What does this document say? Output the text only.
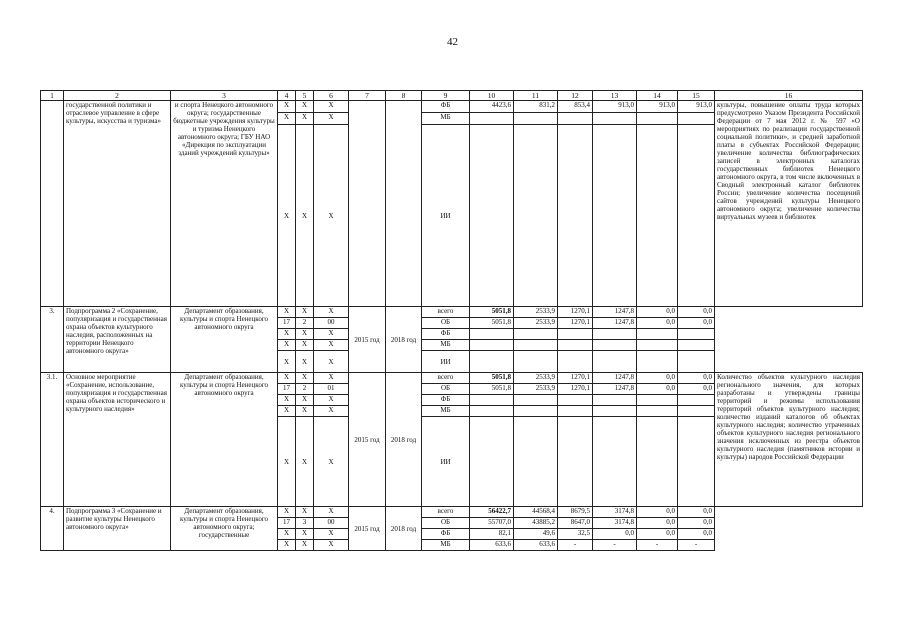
42
1	2	3	4	5	6	7	8	9	10	11	12	13	14	15	16
	государственной политики и отраслевое управление в сфере культуры, искусства и туризма»	и спорта Ненецкого автономного округа; государственные бюджетные учреждения культуры и туризма Ненецкого автономного округа; ГБУ НАО «Дирекция по эксплуатации зданий учреждений культуры»	X	X	X			ФБ	4423,6	831,2	853,4	913,0	913,0	913,0	культуры, повышение оплаты труда которых предусмотрено Указом Президента Российской Федерации от 7 мая 2012 г. № 597 «О мероприятиях по реализации государственной социальной политики», и средней заработной платы в субъектах Российской Федерации; увеличение количества библиографических записей в электронных каталогах государственных библиотек Ненецкого автономного округа, в том числе включенных в Сводный электронный каталог библиотек России; увеличение количества посещений сайтов учреждений культуры Ненецкого автономного округа; увеличение количества виртуальных музеев и библиотек
			X	X	X			МБ							
			X	X	X			ИИ							
3.	Подпрограмма 2 «Сохранение, популяризация и государственная охрана объектов культурного наследия, расположенных на территории Ненецкого автономного округа»	Департамент образования, культуры и спорта Ненецкого автономного округа	X	X	X	2015 год	2018 год	всего	5051,8	2533,9	1270,1	1247,8	0,0	0,0	
			17	2	00			ОБ	5051,8	2533,9	1270,1	1247,8	0,0	0,0	
			X	X	X			ФБ							
			X	X	X			МБ							
			X	X	X			ИИ							
3.1.	Основное мероприятие «Сохранение, использование, популяризация и государственная охрана объектов исторического и культурного наследия»	Департамент образования, культуры и спорта Ненецкого автономного округа	X	X	X	2015 год	2018 год	всего	5051,8	2533,9	1270,1	1247,8	0,0	0,0	Количество объектов культурного наследия регионального значения, для которых разработаны и утверждены границы территорий и режимы использования территорий объектов культурного наследия; количество изданий каталогов об объектах культурного наследия; количество утраченных объектов культурного наследия регионального значения исключенных из реестра объектов культурного наследия (памятников истории и культуры) народов Российской Федерации
			17	2	01			ОБ	5051,8	2533,9	1270,1	1247,8	0,0	0,0	
			X	X	X			ФБ							
			X	X	X			МБ							
			X	X	X			ИИ							
4.	Подпрограмма 3 «Сохранение и развитие культуры Ненецкого автономного округа»	Департамент образования, культуры и спорта Ненецкого автономного округа; государственные	X	X	X	2015 год	2018 год	всего	56422,7	44568,4	8679,5	3174,8	0,0	0,0	
			17	3	00			ОБ	55707,0	43885,2	8647,0	3174,8	0,0	0,0	
			X	X	X			ФБ	82,1	49,6	32,5	0,0	0,0	0,0	
			X	X	X			МБ	633,6	633,6	-	-	-	-	
